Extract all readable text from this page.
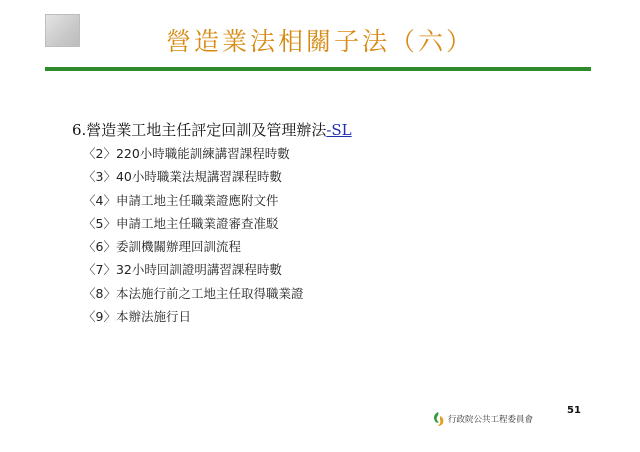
營造業法相關子法（六）
6.營造業工地主任評定回訓及管理辦法-SL
〈2〉220小時職能訓練講習課程時數
〈3〉40小時職業法規講習課程時數
〈4〉申請工地主任職業證應附文件
〈5〉申請工地主任職業證審查准駁
〈6〉委訓機關辦理回訓流程
〈7〉32小時回訓證明講習課程時數
〈8〉本法施行前之工地主任取得職業證
〈9〉本辦法施行日
行政院公共工程委員會
51
